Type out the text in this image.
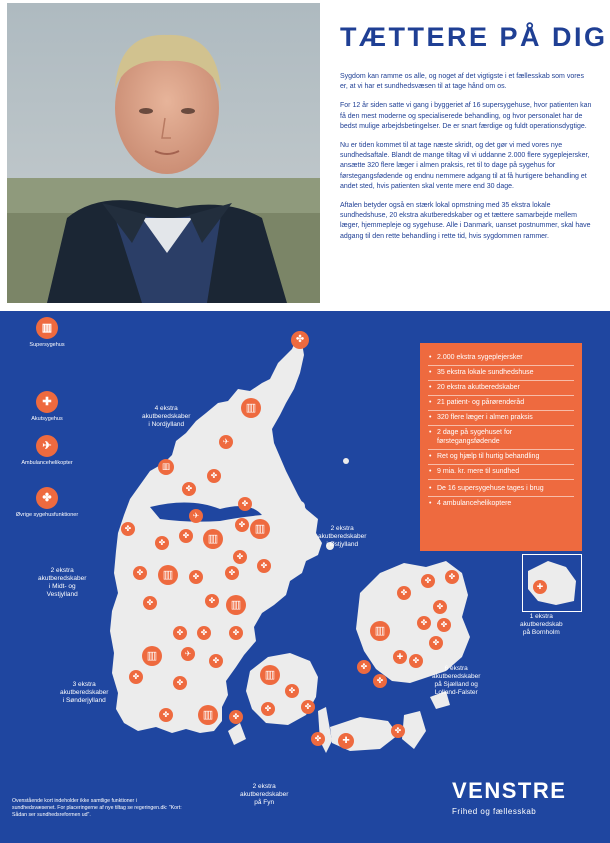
TÆTTERE PÅ DIG

Sygdom kan ramme os alle, og noget af det vigtigste i et fællesskab som vores er, at vi har et sundhedsvæsen til at tage hånd om os.

For 12 år siden satte vi gang i byggeriet af 16 supersygehuse, hvor patienten kan få den mest moderne og specialiserede behandling, og hvor personalet har de bedst mulige arbejdsbetingelser. De er snart færdige og fuldt operationsdygtige.

Nu er tiden kommet til at tage næste skridt, og det gør vi med vores nye sundhedsaftale. Blandt de mange tiltag vil vi uddanne 2.000 flere sygeplejersker, ansætte 320 flere læger i almen praksis, ret til to dage på sygehus for førstegangsfødende og endnu nemmere adgang til at få hurtigere behandling et andet sted, hvis patienten skal vente mere end 30 dage.

Aftalen betyder også en stærk lokal opmstning med 35 ekstra lokale sundhedshuse, 20 ekstra akutberedskaber og et tættere samarbejde mellem læger, hjemmepleje og sygehuse. Alle i Danmark, uanset postnummer, skal have adgang til den rette behandling i rette tid, hvis sygdommen rammer.

✤
▥
✈
▥
✤
✤
✤
▥
✤
✈
✤	▥
✤
✤
✤
✤
✤
▥	✤
✤
▥
✤
✤
✤	✤	✤
▥	✈
✤
✤
✤
✤	▥	✤
▥
✤
✤	✤
✤	✚
✤
▥
✚
✤
✤
✤
✤	✤
✤
✤
✤
✤
✤
✚
▥
Supersygehus
✚
Akutsygehus
✈
Ambulancehelikopter
✤
Øvrige sygehusfunktioner
4 ekstra
akutberedskaber
i Nordjylland
2 ekstra
akutberedskaber
i Midt- og
Vestjylland
3 ekstra
akutberedskaber
i Sønderjylland
2 ekstra
akutberedskaber
på Fyn
2 ekstra
akutberedskaber
i Østjylland
6 ekstra
akutberedskaber
på Sjælland og
Lolland-Falster
1 ekstra
akutberedskab
på Bornholm
• 2.000 ekstra sygeplejersker
• 35 ekstra lokale sundhedshuse
• 20 ekstra akutberedskaber
• 21 patient- og pårørenderåd
• 320 flere læger i almen praksis
• 2 dage på sygehuset for førstegangsfødende
• Ret og hjælp til hurtig behandling
• 9 mia. kr. mere til sundhed
• De 16 supersygehuse tages i brug
• 4 ambulancehelikoptere
Ovenstående kort indeholder ikke samtlige funktioner i sundhedsvæsenet. For placeringerne af nye tiltag se regeringen.dk: "Kort: Sådan ser sundhedsreformen ud".
VENSTRE
Frihed og fællesskab
